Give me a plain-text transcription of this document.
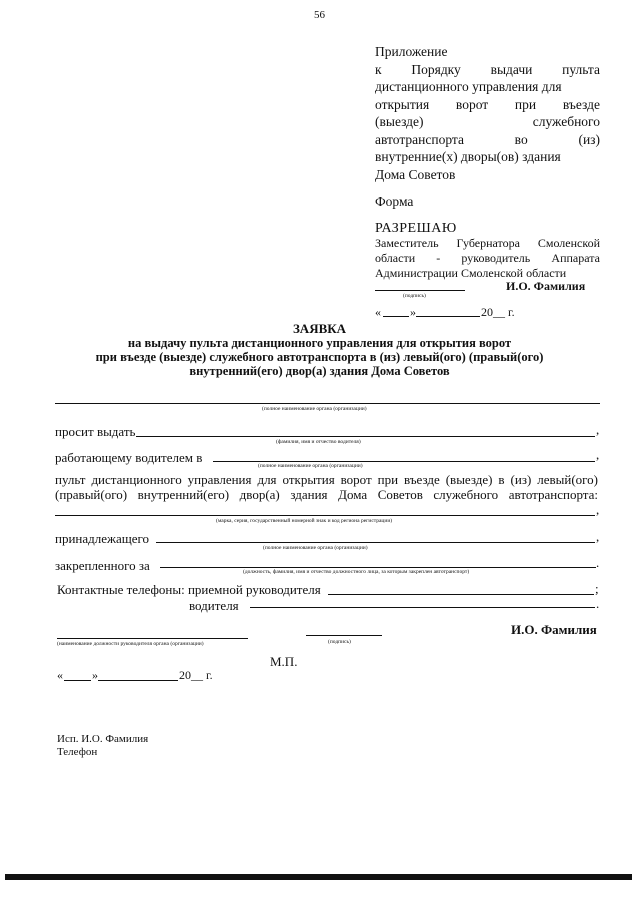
56
Приложение
к Порядку выдачи пульта
дистанционного управления для
открытия ворот при въезде
(выезде) служебного
автотранспорта во (из)
внутренние(х) дворы(ов) здания
Дома Советов
Форма
РАЗРЕШАЮ
Заместитель Губернатора Смоленской
области - руководитель Аппарата
Администрации Смоленской области
И.О. Фамилия
(подпись)
« »	20__ г.
ЗАЯВКА
на выдачу пульта дистанционного управления для открытия ворот
при въезде (выезде) служебного автотранспорта в (из) левый(ого) (правый(ого)
внутренний(его) двор(а) здания Дома Советов
(полное наименование органа (организации)
просит выдать	,
(фамилия, имя и отчество водителя)
работающему водителем в	,
(полное наименование органа (организации)
пульт дистанционного управления для открытия ворот при въезде (выезде) в (из) левый(ого)
(правый(ого) внутренний(его) двор(а) здания Дома Советов служебного автотранспорта:
,
(марка, серия, государственный номерной знак и код региона регистрации)
принадлежащего	,
(полное наименование органа (организации)
закрепленного за	.
(должность, фамилия, имя и отчество должностного лица, за которым закреплен автотранспорт)
Контактные телефоны: приемной руководителя	;
водителя	.
(наименование должности руководителя органа (организации)	(подпись)
И.О. Фамилия
М.П.
« »	20__ г.
Исп. И.О. Фамилия
Телефон
